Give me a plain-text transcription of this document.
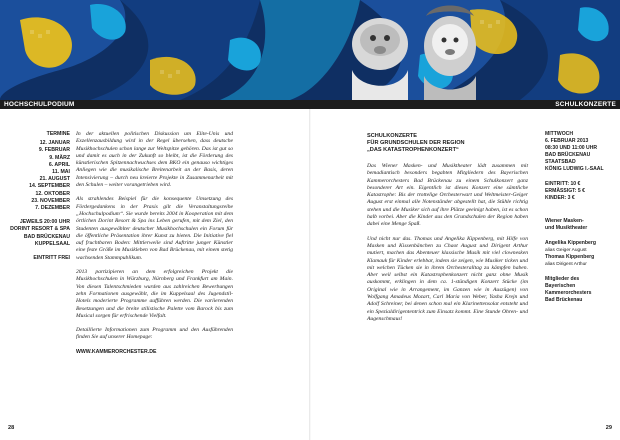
HOCHSCHULPODIUM	SCHULKONZERTE
TERMINE
12. JANUAR
9. FEBRUAR
9. MÄRZ
6. APRIL
11. MAI
21. AUGUST
14. SEPTEMBER
12. OKTOBER
23. NOVEMBER
7. DEZEMBER
JEWEILS 20:00 UHR
DORINT RESORT & SPA
BAD BRÜCKENAU
KUPPELSAAL
EINTRITT FREI

In der aktuellen politischen Diskussion um Elite-Unis und Exzellenzausbildung wird in der Regel übersehen, dass deutsche Musikhochschulen schon lange zur Weltspitze gehören. Das ist gut so und damit es auch in der Zukunft so bleibt, ist die Förderung des künstlerischen Spitzennachwuchses dem BKO ein genauso wichtiges Anliegen wie die musikalische Breitenarbeit an der Basis, deren Intensivierung – durch neu kreierte Projekte in Zusammenarbeit mit den Schulen – weiter vorangetrieben wird.

Als strahlendes Beispiel für die konsequente Umsetzung des Fördergedankens in der Praxis gilt die Veranstaltungsreihe „Hochschulpodium“. Sie wurde bereits 2004 in Kooperation mit dem örtlichen Dorint Resort & Spa ins Leben gerufen, mit dem Ziel, den Studenten ausgewählter deutscher Musikhochschulen ein Forum für die öffentliche Präsentation ihrer Kunst zu bieten. Die Initiative fiel auf fruchtbaren Boden: Mittlerweile sind Auftritte junger Künstler eine feste Größe im Musikleben von Bad Brückenau, mit einem stetig wachsenden Stammpublikum.

2013 partizipieren an dem erfolgreichen Projekt die Musikhochschulen in Würzburg, Nürnberg und Frankfurt am Main. Von diesen Talentschmieden wurden aus zahlreichen Bewerbungen zehn Formationen ausgewählt, die im Kuppelsaal des Jugendstil-Hotels moderierte Programme aufführen werden. Die variierenden Besetzungen und die breite stilistische Palette vom Barock bis zum Musical sorgen für erfrischende Vielfalt.

Detaillierte Informationen zum Programm und den Ausführenden finden Sie auf unserer Homepage:

WWW.KAMMERORCHESTER.DE

SCHULKONZERTE
FÜR GRUNDSCHULEN DER REGION
„DAS KATASTROPHENKONZERT“

Das Wiener Masken- und Musiktheater lädt zusammen mit bemadiantisch besonders begabten Mitgliedern des Bayerischen Kammerorchesters Bad Brückenau zu einem Schulkonzert ganz besonderer Art ein. Eigentlich ist dieses Konzert eine sämtliche Katastrophe: Bis der trottelige Orchesterwart und Weltmeister-Geiger August erst einmal alle Notenständer abgestellt hat, die Stühle richtig stehen und die Musiker sich auf ihre Plätze geeinigt haben, ist es schon halb vorbei. Aber die Kinder aus den Grundschulen der Region haben dabei eine Menge Spaß.

Und nicht nur das. Thomas und Angelika Kippenberg, mit Hilfe von Masken und Kissenbänchen zu Chaot August und Dirigent Arthur mutiert, machen das Abenteuer klassische Musik mit viel clownesken Klamauk für Kinder erlebbar, indem sie zeigen, wie Musiker ticken und mit welchen Tücken sie in ihrem Orchesteralltag zu kämpfen haben. Aber weil selbst ein Katastrophenkonzert nicht ganz ohne Musik auskommt, erklingen in dem ca. 1-stündigen Konzert Stücke (im Original wie in Arrangement, im Ganzen wie in Auszügen) von Wolfgang Amadeus Mozart, Carl Maria von Weber, Yasha Krejn und Adolf Schreiner, bei denen schon mal ein Klarinettensolat entsteht und ein Spezialdirigententrick zum Einsatz kommt. Eine Stunde Ohren- und Augenschmaus!

MITTWOCH
6. FEBRUAR 2013
08:30 UND 11:00 UHR
BAD BRÜCKENAU
STAATSBAD
KÖNIG LUDWIG I.-SAAL
EINTRITT: 10 €
ERMÄSSIGT: 5 €
KINDER: 3 €
Wiener Masken-
und Musiktheater
Angelika Kippenberg
alias Geiger August
Thomas Kippenberg
alias Dirigent Arthur
Mitglieder des
Bayerischen
Kammerorchesters
Bad Brückenau
28	29
